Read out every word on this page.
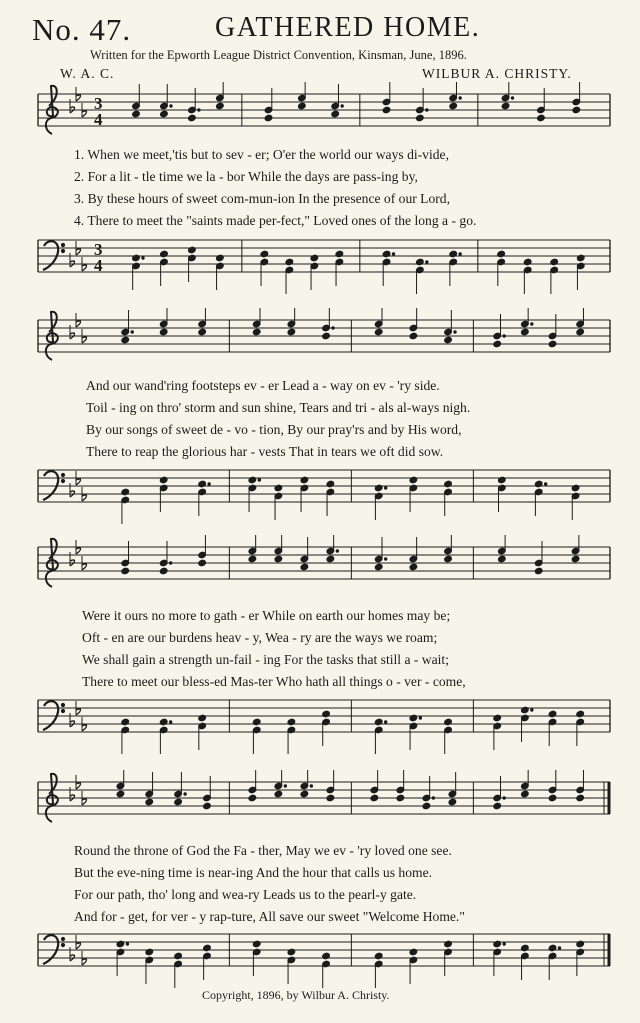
No. 47.	GATHERED HOME.
Written for the Epworth League District Convention, Kinsman, June, 1896.
W. A. C.	WILBUR A. CHRISTY.
3
4
1. When we meet,'tis but to sev - er; O'er the world our ways di-vide,
2. For a lit - tle time we la - bor While the days are pass-ing by,
3. By these hours of sweet com-mun-ion In the presence of our Lord,
4. There to meet the "saints made per-fect," Loved ones of the long a - go.
3
4
And our wand'ring footsteps ev - er Lead a - way on ev - 'ry side.
Toil - ing on thro' storm and sun shine, Tears and tri - als al-ways nigh.
By our songs of sweet de - vo - tion, By our pray'rs and by His word,
There to reap the glorious har - vests That in tears we oft did sow.
Were it ours no more to gath - er While on earth our homes may be;
Oft - en are our burdens heav - y, Wea - ry are the ways we roam;
We shall gain a strength un-fail - ing For the tasks that still a - wait;
There to meet our bless-ed Mas-ter Who hath all things o - ver - come,
Round the throne of God the Fa - ther, May we ev - 'ry loved one see.
But the eve-ning time is near-ing And the hour that calls us home.
For our path, tho' long and wea-ry Leads us to the pearl-y gate.
And for - get, for ver - y rap-ture, All save our sweet "Welcome Home."
Copyright, 1896, by Wilbur A. Christy.
